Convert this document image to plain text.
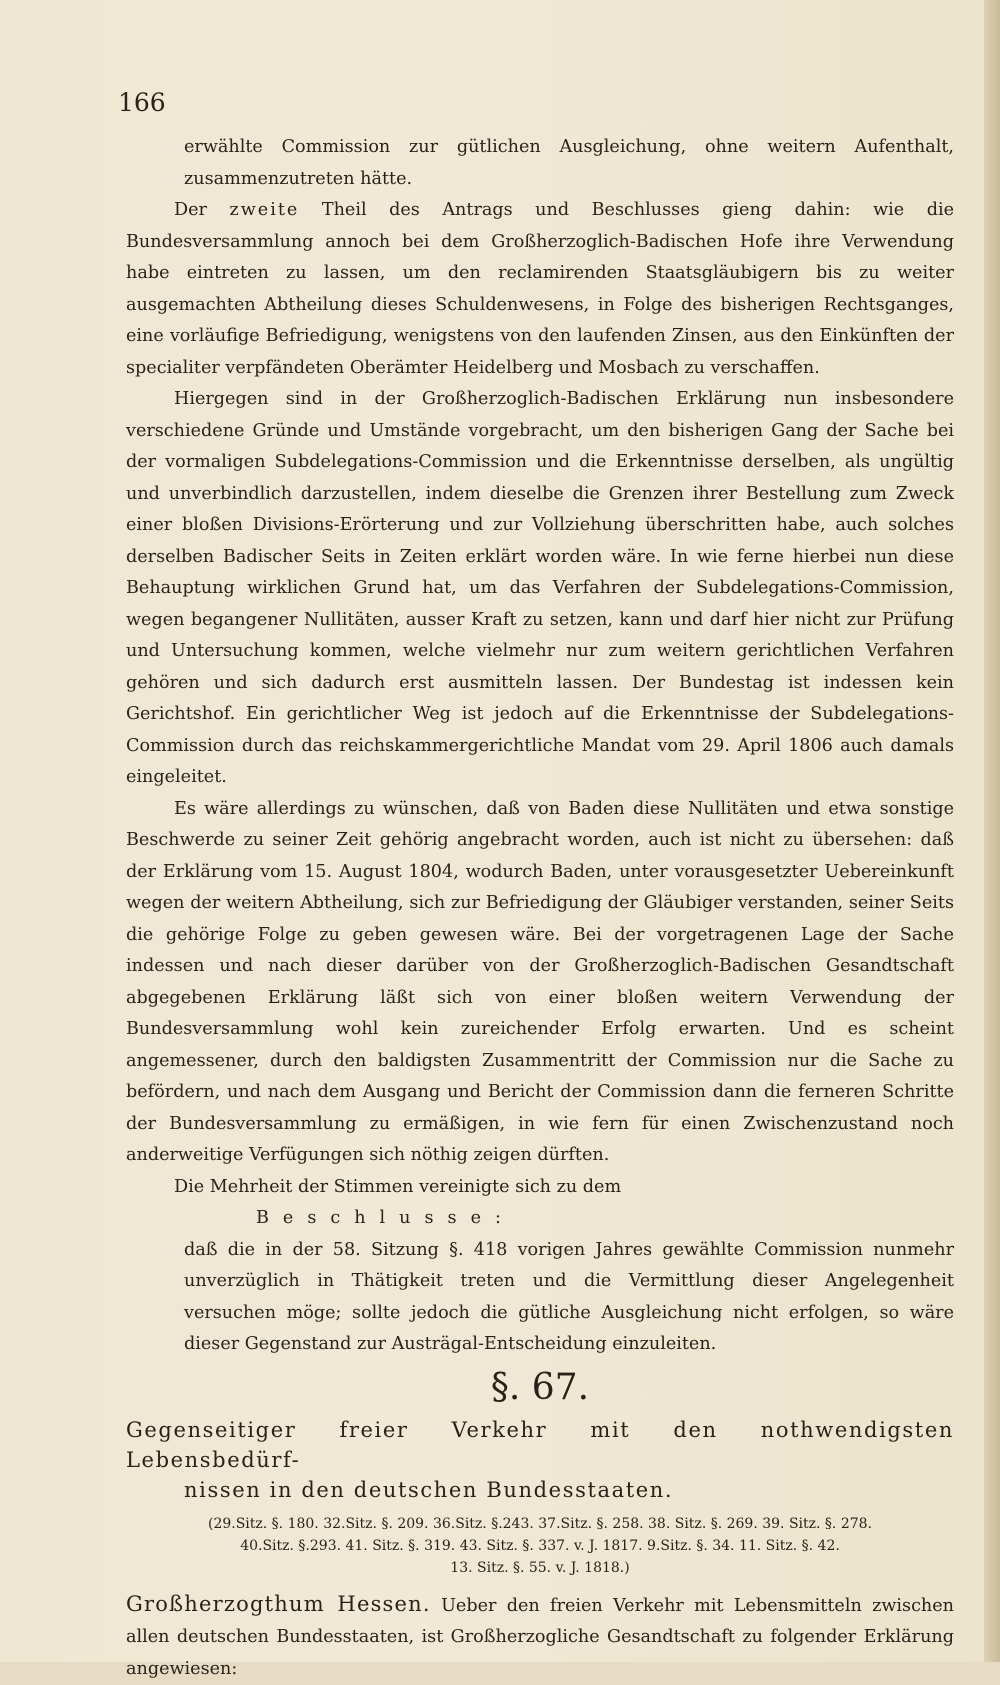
166

erwählte Commission zur gütlichen Ausgleichung, ohne weitern Aufenthalt, zusammenzutreten hätte.

Der zweite Theil des Antrags und Beschlusses gieng dahin: wie die Bundesversammlung annoch bei dem Großherzoglich-Badischen Hofe ihre Verwendung habe eintreten zu lassen, um den reclamirenden Staatsgläubigern bis zu weiter ausgemachten Abtheilung dieses Schuldenwesens, in Folge des bisherigen Rechtsganges, eine vorläufige Befriedigung, wenigstens von den laufenden Zinsen, aus den Einkünften der specialiter verpfändeten Oberämter Heidelberg und Mosbach zu verschaffen.

Hiergegen sind in der Großherzoglich-Badischen Erklärung nun insbesondere verschiedene Gründe und Umstände vorgebracht, um den bisherigen Gang der Sache bei der vormaligen Subdelegations-Commission und die Erkenntnisse derselben, als ungültig und unverbindlich darzustellen, indem dieselbe die Grenzen ihrer Bestellung zum Zweck einer bloßen Divisions-Erörterung und zur Vollziehung überschritten habe, auch solches derselben Badischer Seits in Zeiten erklärt worden wäre. In wie ferne hierbei nun diese Behauptung wirklichen Grund hat, um das Verfahren der Subdelegations-Commission, wegen begangener Nullitäten, ausser Kraft zu setzen, kann und darf hier nicht zur Prüfung und Untersuchung kommen, welche vielmehr nur zum weitern gerichtlichen Verfahren gehören und sich dadurch erst ausmitteln lassen. Der Bundestag ist indessen kein Gerichtshof. Ein gerichtlicher Weg ist jedoch auf die Erkenntnisse der Subdelegations-Commission durch das reichskammergerichtliche Mandat vom 29. April 1806 auch damals eingeleitet.

Es wäre allerdings zu wünschen, daß von Baden diese Nullitäten und etwa sonstige Beschwerde zu seiner Zeit gehörig angebracht worden, auch ist nicht zu übersehen: daß der Erklärung vom 15. August 1804, wodurch Baden, unter vorausgesetzter Uebereinkunft wegen der weitern Abtheilung, sich zur Befriedigung der Gläubiger verstanden, seiner Seits die gehörige Folge zu geben gewesen wäre. Bei der vorgetragenen Lage der Sache indessen und nach dieser darüber von der Großherzoglich-Badischen Gesandtschaft abgegebenen Erklärung läßt sich von einer bloßen weitern Verwendung der Bundesversammlung wohl kein zureichender Erfolg erwarten. Und es scheint angemessener, durch den baldigsten Zusammentritt der Commission nur die Sache zu befördern, und nach dem Ausgang und Bericht der Commission dann die ferneren Schritte der Bundesversammlung zu ermäßigen, in wie fern für einen Zwischenzustand noch anderweitige Verfügungen sich nöthig zeigen dürften.

Die Mehrheit der Stimmen vereinigte sich zu dem

Beschlusse:

daß die in der 58. Sitzung §. 418 vorigen Jahres gewählte Commission nunmehr unverzüglich in Thätigkeit treten und die Vermittlung dieser Angelegenheit versuchen möge; sollte jedoch die gütliche Ausgleichung nicht erfolgen, so wäre dieser Gegenstand zur Austrägal-Entscheidung einzuleiten.

§. 67.

Gegenseitiger freier Verkehr mit den nothwendigsten Lebensbedürf-
nissen in den deutschen Bundesstaaten.

(29.Sitz. §. 180. 32.Sitz. §. 209. 36.Sitz. §.243. 37.Sitz. §. 258. 38. Sitz. §. 269. 39. Sitz. §. 278.
40.Sitz. §.293. 41. Sitz. §. 319. 43. Sitz. §. 337. v. J. 1817. 9.Sitz. §. 34. 11. Sitz. §. 42.
13. Sitz. §. 55. v. J. 1818.)

Großherzogthum Hessen. Ueber den freien Verkehr mit Lebensmitteln zwischen allen deutschen Bundesstaaten, ist Großherzogliche Gesandtschaft zu folgender Erklärung angewiesen:
